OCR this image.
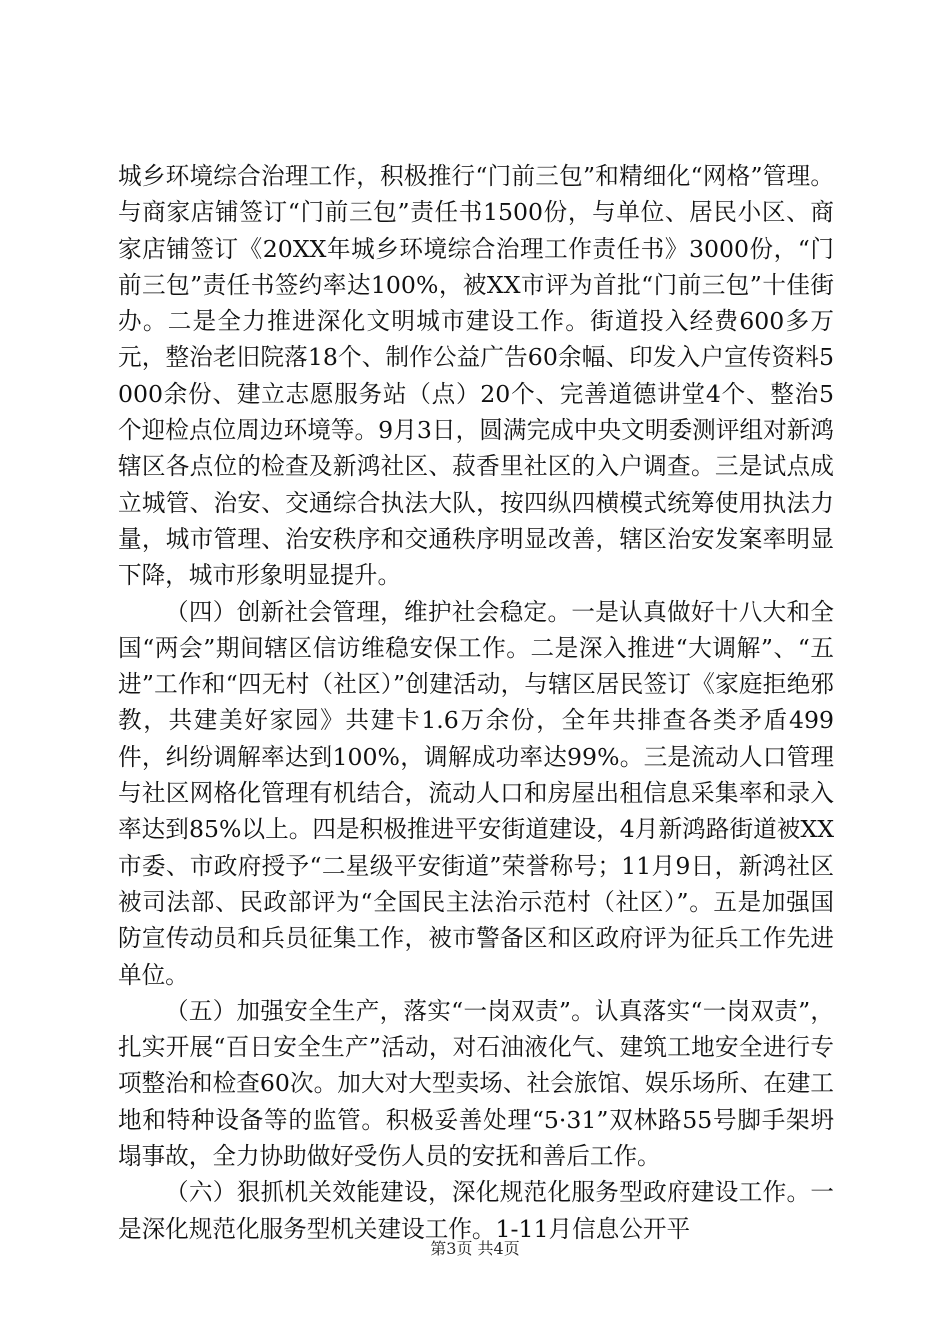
城乡环境综合治理工作，积极推行“门前三包”和精细化“网格”管理。与商家店铺签订“门前三包”责任书1500份，与单位、居民小区、商家店铺签订《20XX年城乡环境综合治理工作责任书》3000份，“门前三包”责任书签约率达100%，被XX市评为首批“门前三包”十佳街办。二是全力推进深化文明城市建设工作。街道投入经费600多万元，整治老旧院落18个、制作公益广告60余幅、印发入户宣传资料5000余份、建立志愿服务站（点）20个、完善道德讲堂4个、整治5个迎检点位周边环境等。9月3日，圆满完成中央文明委测评组对新鸿辖区各点位的检查及新鸿社区、菽香里社区的入户调查。三是试点成立城管、治安、交通综合执法大队，按四纵四横模式统筹使用执法力量，城市管理、治安秩序和交通秩序明显改善，辖区治安发案率明显下降，城市形象明显提升。

（四）创新社会管理，维护社会稳定。一是认真做好十八大和全国“两会”期间辖区信访维稳安保工作。二是深入推进“大调解”、“五进”工作和“四无村（社区）”创建活动，与辖区居民签订《家庭拒绝邪教，共建美好家园》共建卡1.6万余份，全年共排查各类矛盾499件，纠纷调解率达到100%，调解成功率达99%。三是流动人口管理与社区网格化管理有机结合，流动人口和房屋出租信息采集率和录入率达到85%以上。四是积极推进平安街道建设，4月新鸿路街道被XX市委、市政府授予“二星级平安街道”荣誉称号；11月9日，新鸿社区被司法部、民政部评为“全国民主法治示范村（社区）”。五是加强国防宣传动员和兵员征集工作，被市警备区和区政府评为征兵工作先进单位。

（五）加强安全生产，落实“一岗双责”。认真落实“一岗双责”，扎实开展“百日安全生产”活动，对石油液化气、建筑工地安全进行专项整治和检查60次。加大对大型卖场、社会旅馆、娱乐场所、在建工地和特种设备等的监管。积极妥善处理“5·31”双林路55号脚手架坍塌事故，全力协助做好受伤人员的安抚和善后工作。

（六）狠抓机关效能建设，深化规范化服务型政府建设工作。一是深化规范化服务型机关建设工作。1-11月信息公开平

第3页 共4页
